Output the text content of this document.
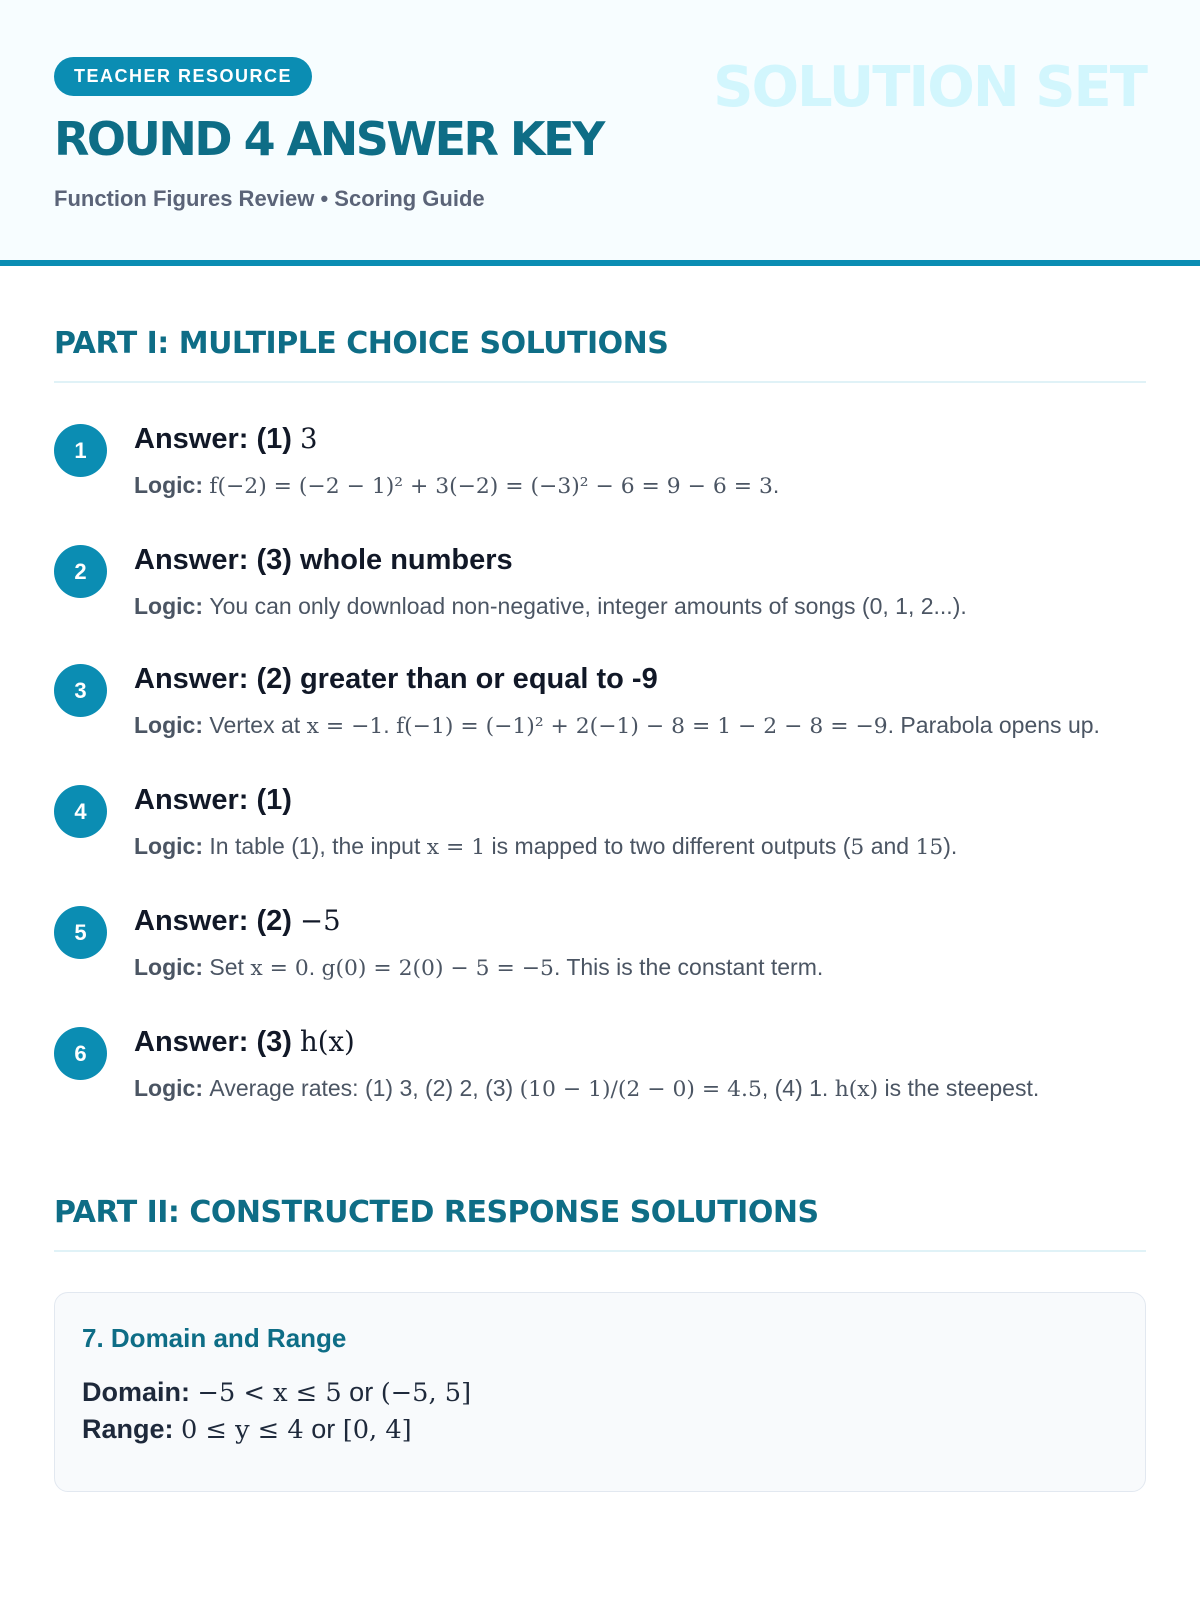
TEACHER RESOURCE
ROUND 4 ANSWER KEY
Function Figures Review • Scoring Guide
SOLUTION SET
PART I: MULTIPLE CHOICE SOLUTIONS
1	Answer: (1) 3
Logic: f(−2) = (−2 − 1)² + 3(−2) = (−3)² − 6 = 9 − 6 = 3.
2	Answer: (3) whole numbers
Logic: You can only download non-negative, integer amounts of songs (0, 1, 2...).
3	Answer: (2) greater than or equal to -9
Logic: Vertex at x = −1. f(−1) = (−1)² + 2(−1) − 8 = 1 − 2 − 8 = −9. Parabola opens up.
4	Answer: (1)
Logic: In table (1), the input x = 1 is mapped to two different outputs (5 and 15).
5	Answer: (2) −5
Logic: Set x = 0. g(0) = 2(0) − 5 = −5. This is the constant term.
6	Answer: (3) h(x)
Logic: Average rates: (1) 3, (2) 2, (3) (10 − 1)/(2 − 0) = 4.5, (4) 1. h(x) is the steepest.
PART II: CONSTRUCTED RESPONSE SOLUTIONS
7. Domain and Range

Domain: −5 < x ≤ 5 or (−5, 5]

Range: 0 ≤ y ≤ 4 or [0, 4]
